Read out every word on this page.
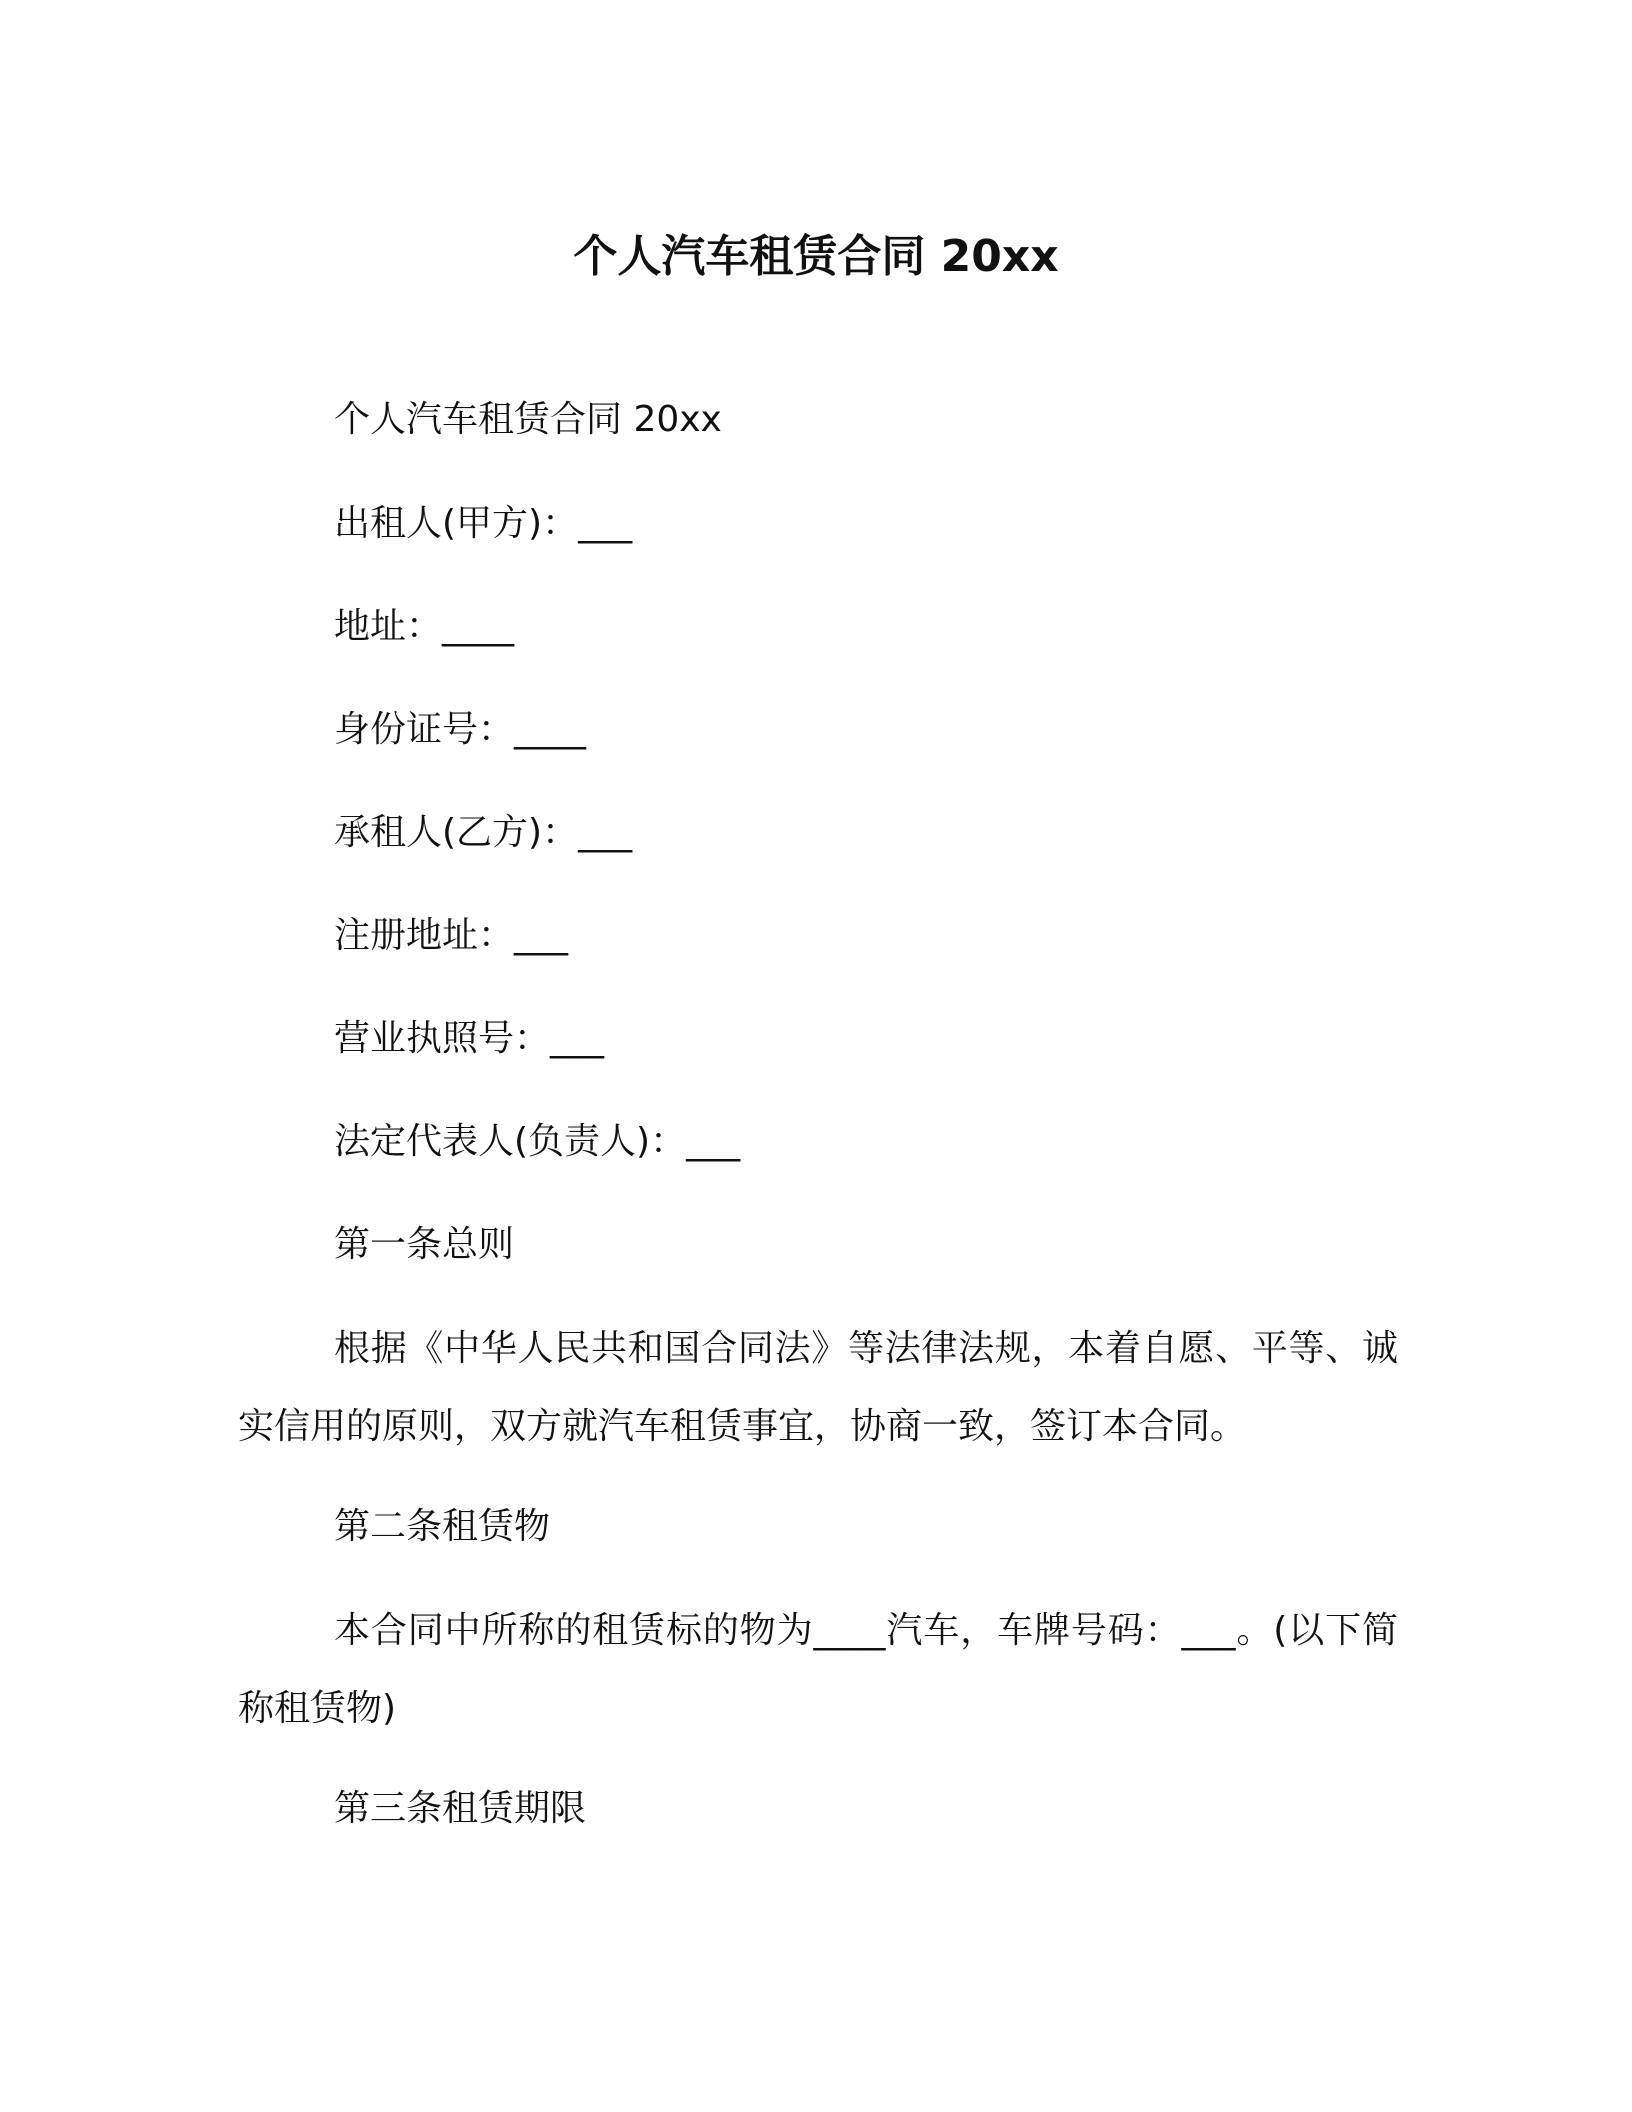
个人汽车租赁合同 20xx

个人汽车租赁合同 20xx

出租人(甲方)：___

地址：____

身份证号：____

承租人(乙方)：___

注册地址：___

营业执照号：___

法定代表人(负责人)：___

第一条总则

根据《中华人民共和国合同法》等法律法规，本着自愿、平等、诚实信用的原则，双方就汽车租赁事宜，协商一致，签订本合同。

第二条租赁物

本合同中所称的租赁标的物为____汽车，车牌号码：___。(以下简称租赁物)

第三条租赁期限
